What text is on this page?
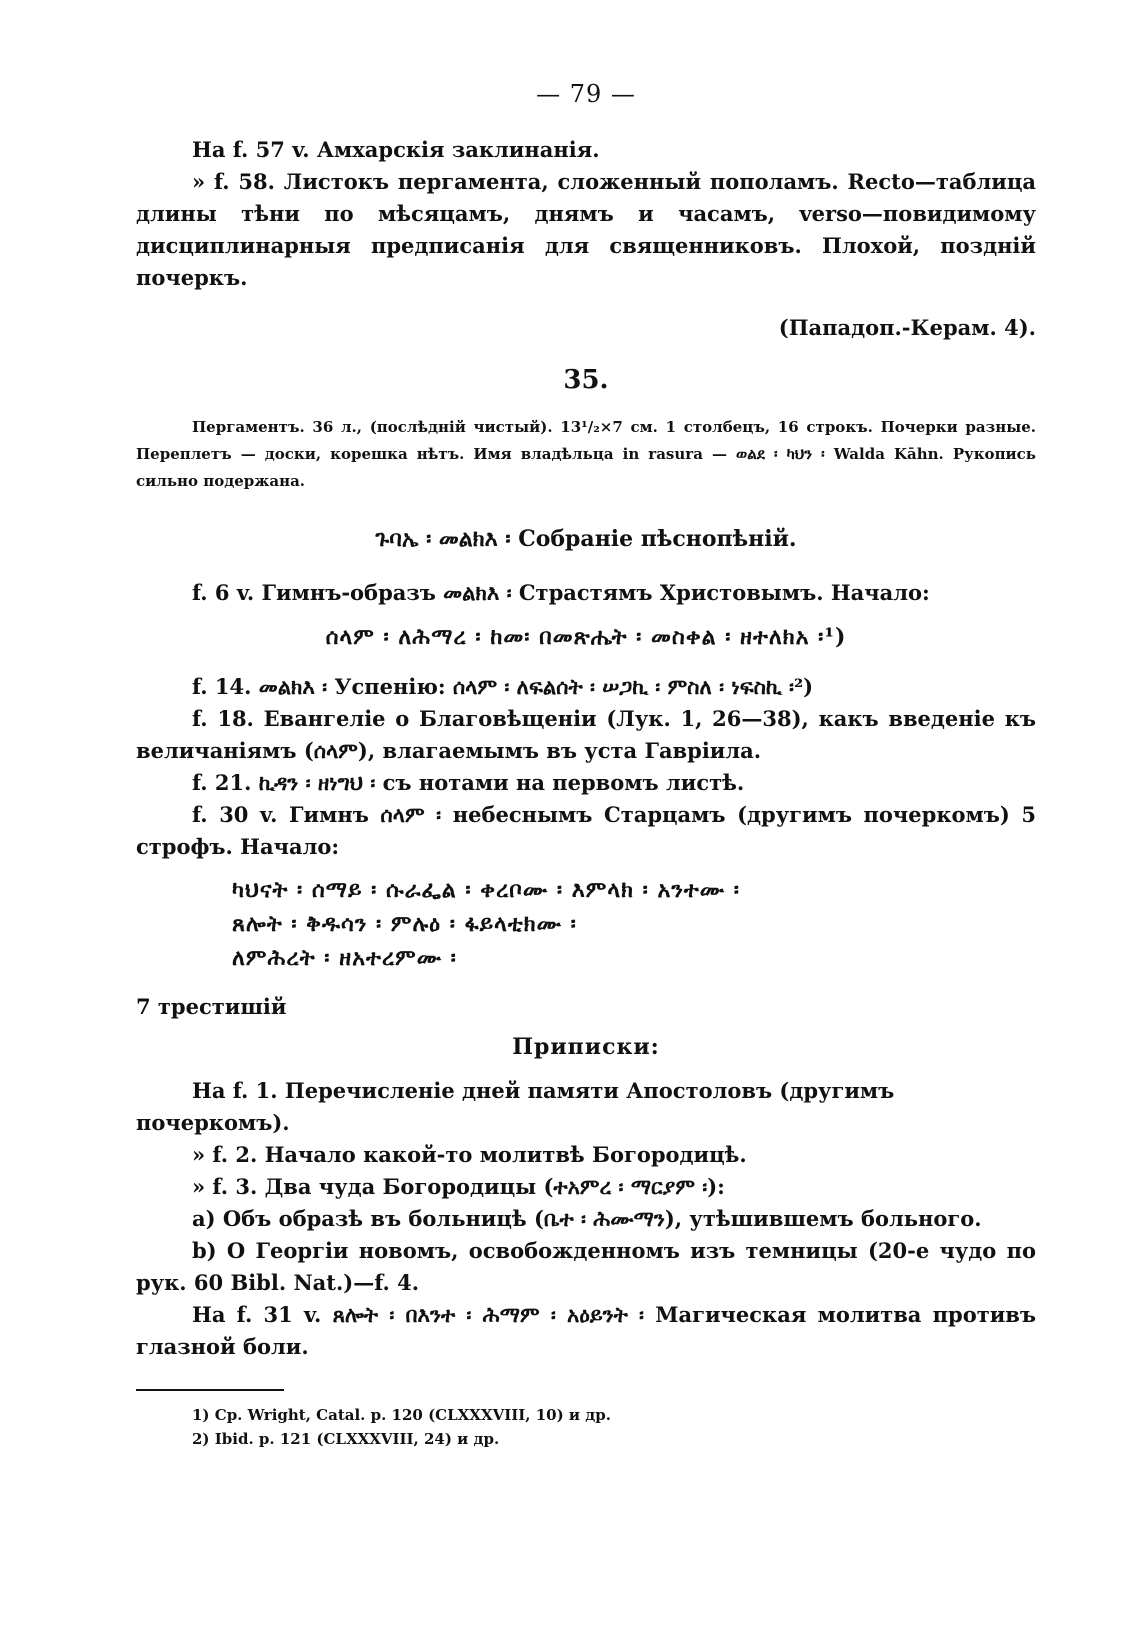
— 79 —

На f. 57 v. Амхарскія заклинанія.

» f. 58. Листокъ пергамента, сложенный пополамъ. Recto—таблица длины тѣни по мѣсяцамъ, днямъ и часамъ, verso—повидимому дисциплинарныя предписанія для священниковъ. Плохой, поздній почеркъ.

(Пападоп.-Керам. 4).

35.

Пергаментъ. 36 л., (послѣдній чистый). 13¹/₂×7 см. 1 столбецъ, 16 строкъ. Почерки разные. Переплетъ — доски, корешка нѣтъ. Имя владѣльца in rasura — ወልደ ፡ ካህን ፡ Walda Kāhn. Рукопись сильно подержана.

ጉባኤ ፡ መልክእ ፡ Собраніе пѣснопѣній.

f. 6 v. Гимнъ-образъ መልክእ ፡ Страстямъ Христовымъ. Начало:

ሰላም ፡ ለሕማረ ፡ ከመ፡ በመጽሔት ፡ መስቀል ፡ ዘተለክአ ፡¹)

f. 14. መልክእ ፡ Успенію: ሰላም ፡ ለፍልሰት ፡ ሠጋኪ ፡ ምስለ ፡ ነፍስኪ ፡²)

f. 18. Евангеліе о Благовѣщеніи (Лук. 1, 26—38), какъ введеніе къ величаніямъ (ሰላም), влагаемымъ въ уста Гавріила.

f. 21. ኪዳን ፡ ዘነግህ ፡ съ нотами на первомъ листѣ.

f. 30 v. Гимнъ ሰላም ፡ небеснымъ Старцамъ (другимъ почеркомъ) 5 строфъ. Начало:

ካህናት ፡ ሰማይ ፡ ሱራፌል ፡ ቀረቦሙ ፡ እምላክ ፡ አንተሙ ፡
ጸሎት ፡ ቅዱሳን ፡ ምሉዕ ፡ ፋይላቲክሙ ፡
ለምሕረት ፡ ዘአተረምሙ ፡

7 трестишій

Приписки:

На f. 1. Перечисленіе дней памяти Апостоловъ (другимъ почеркомъ).

» f. 2. Начало какой-то молитвѣ Богородицѣ.

» f. 3. Два чуда Богородицы (ተአምረ ፡ ማርያም ፡):

a) Объ образѣ въ больницѣ (ቤተ ፡ ሕሙማን), утѣшившемъ больного.

b) О Георгіи новомъ, освобожденномъ изъ темницы (20-е чудо по рук. 60 Bibl. Nat.)—f. 4.

На f. 31 v. ጸሎት ፡ በእንተ ፡ ሕማም ፡ አዕይንት ፡ Магическая молитва противъ глазной боли.

1) Ср. Wright, Catal. p. 120 (CLXXXVIII, 10) и др.

2) Ibid. p. 121 (CLXXXVIII, 24) и др.
